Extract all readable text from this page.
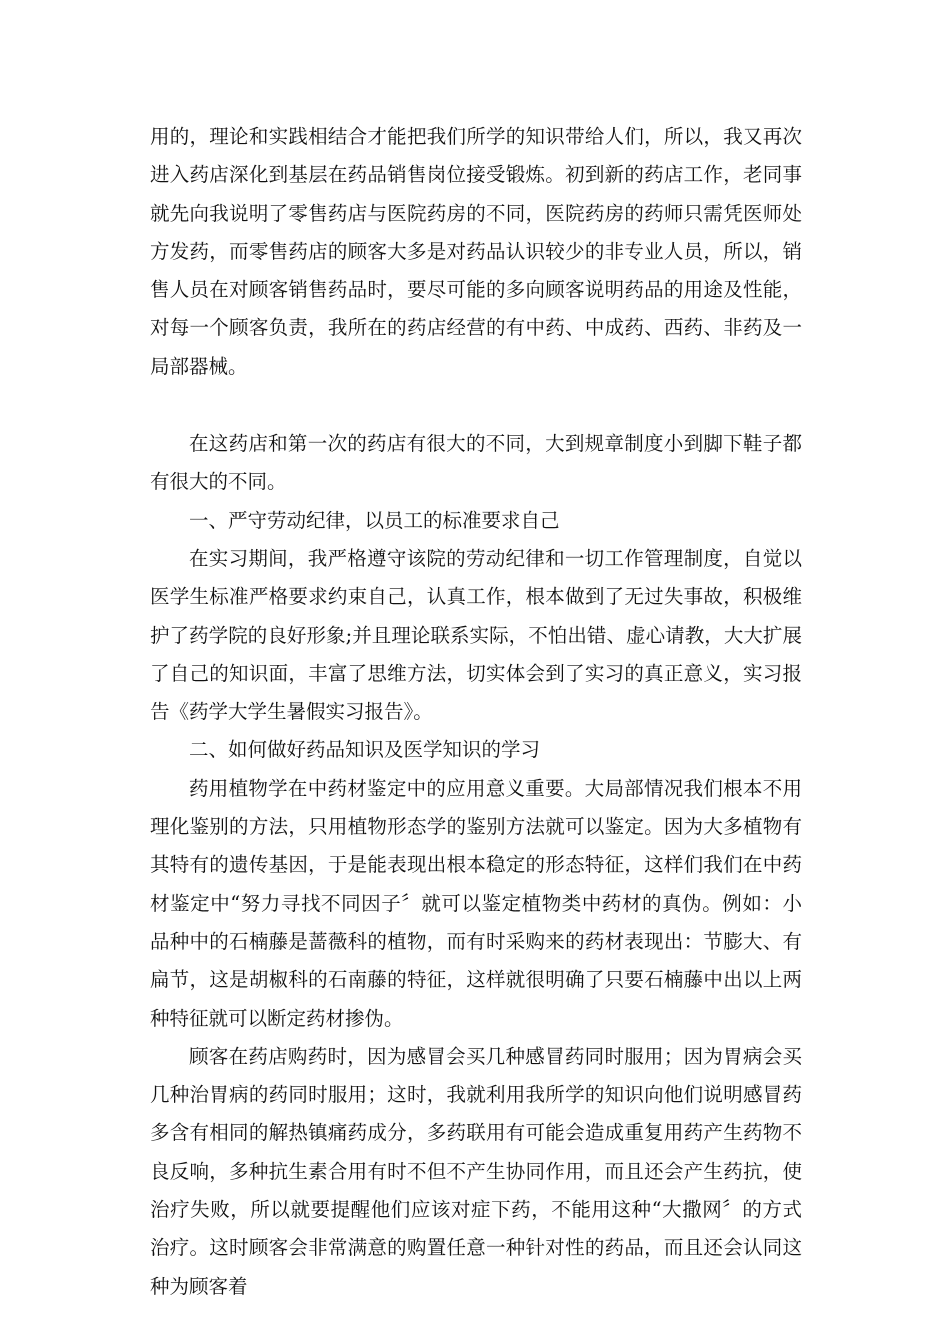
用的，理论和实践相结合才能把我们所学的知识带给人们，所以，我又再次进入药店深化到基层在药品销售岗位接受锻炼。初到新的药店工作，老同事就先向我说明了零售药店与医院药房的不同，医院药房的药师只需凭医师处方发药，而零售药店的顾客大多是对药品认识较少的非专业人员，所以，销售人员在对顾客销售药品时，要尽可能的多向顾客说明药品的用途及性能，对每一个顾客负责，我所在的药店经营的有中药、中成药、西药、非药及一局部器械。

在这药店和第一次的药店有很大的不同，大到规章制度小到脚下鞋子都有很大的不同。

一、严守劳动纪律，以员工的标准要求自己

在实习期间，我严格遵守该院的劳动纪律和一切工作管理制度，自觉以医学生标准严格要求约束自己，认真工作，根本做到了无过失事故，积极维护了药学院的良好形象;并且理论联系实际，不怕出错、虚心请教，大大扩展了自己的知识面，丰富了思维方法，切实体会到了实习的真正意义，实习报告《药学大学生暑假实习报告》。

二、如何做好药品知识及医学知识的学习

药用植物学在中药材鉴定中的应用意义重要。大局部情况我们根本不用理化鉴别的方法，只用植物形态学的鉴别方法就可以鉴定。因为大多植物有其特有的遗传基因，于是能表现出根本稳定的形态特征，这样们我们在中药材鉴定中“努力寻找不同因子〞就可以鉴定植物类中药材的真伪。例如：小品种中的石楠藤是蔷薇科的植物，而有时采购来的药材表现出：节膨大、有扁节，这是胡椒科的石南藤的特征，这样就很明确了只要石楠藤中出以上两种特征就可以断定药材掺伪。

顾客在药店购药时，因为感冒会买几种感冒药同时服用；因为胃病会买几种治胃病的药同时服用；这时，我就利用我所学的知识向他们说明感冒药多含有相同的解热镇痛药成分，多药联用有可能会造成重复用药产生药物不良反响，多种抗生素合用有时不但不产生协同作用，而且还会产生药抗，使治疗失败，所以就要提醒他们应该对症下药，不能用这种“大撒网〞的方式治疗。这时顾客会非常满意的购置任意一种针对性的药品，而且还会认同这种为顾客着
